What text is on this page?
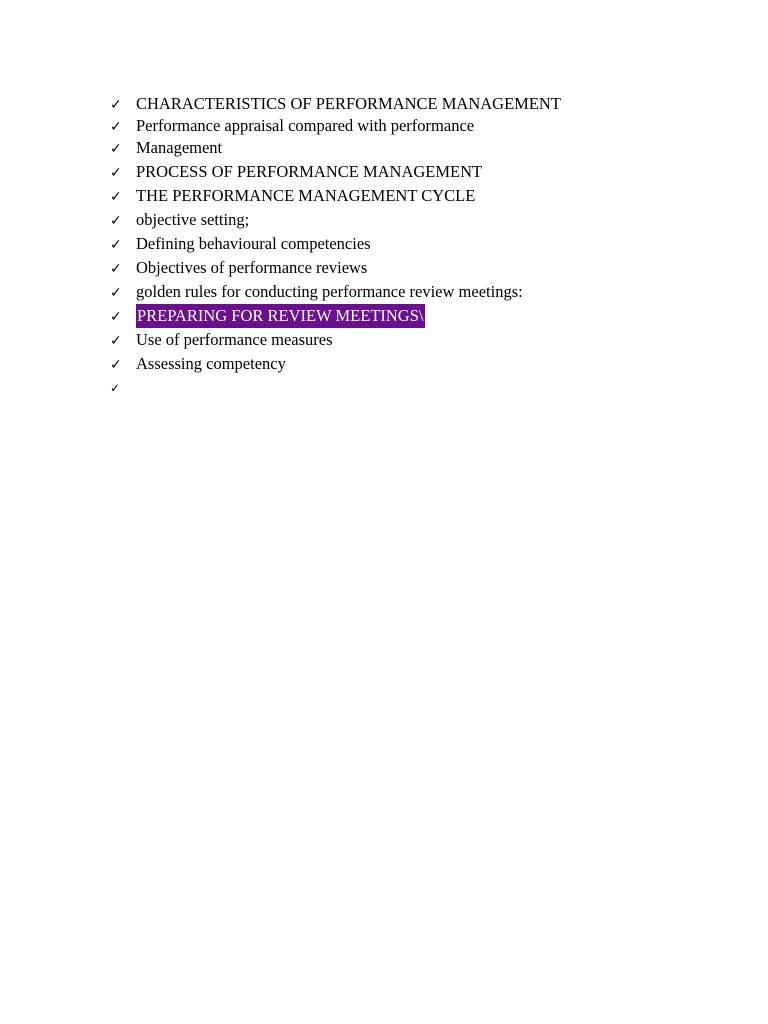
✓ CHARACTERISTICS OF PERFORMANCE MANAGEMENT
✓ Performance appraisal compared with performance
✓ Management
✓ PROCESS OF PERFORMANCE MANAGEMENT
✓ THE PERFORMANCE MANAGEMENT CYCLE
✓ objective setting;
✓ Defining behavioural competencies
✓ Objectives of performance reviews
✓ golden rules for conducting performance review meetings:
✓ PREPARING FOR REVIEW MEETINGS\
✓ Use of performance measures
✓ Assessing competency
✓
